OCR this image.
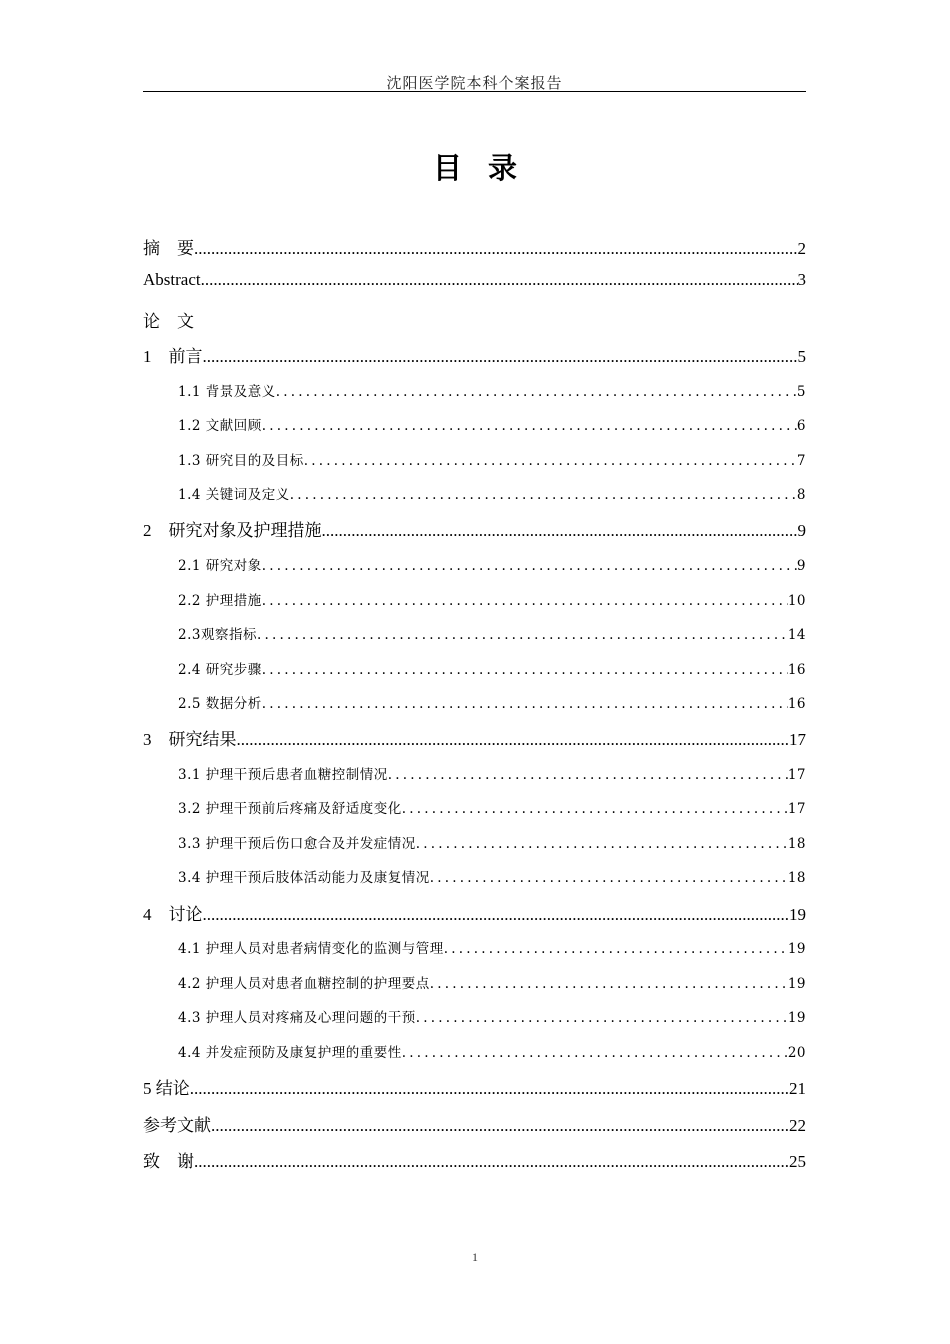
沈阳医学院本科个案报告
目 录
摘　要 .....	2
Abstract .....	3
论　文
1　前言 .....	5
1.1 背景及意义 .....	5
1.2 文献回顾 .....	6
1.3 研究目的及目标 .....	7
1.4 关键词及定义 .....	8
2　研究对象及护理措施 .....	9
2.1 研究对象 .....	9
2.2 护理措施 .....	10
2.3观察指标 .....	14
2.4 研究步骤 .....	16
2.5 数据分析 .....	16
3　研究结果 .....	17
3.1 护理干预后患者血糖控制情况 .....	17
3.2 护理干预前后疼痛及舒适度变化 .....	17
3.3 护理干预后伤口愈合及并发症情况 .....	18
3.4 护理干预后肢体活动能力及康复情况 .....	18
4　讨论 .....	19
4.1 护理人员对患者病情变化的监测与管理 .....	19
4.2 护理人员对患者血糖控制的护理要点 .....	19
4.3 护理人员对疼痛及心理问题的干预 .....	19
4.4 并发症预防及康复护理的重要性 .....	20
5 结论 .....	21
参考文献 .....	22
致　谢 .....	25
1
